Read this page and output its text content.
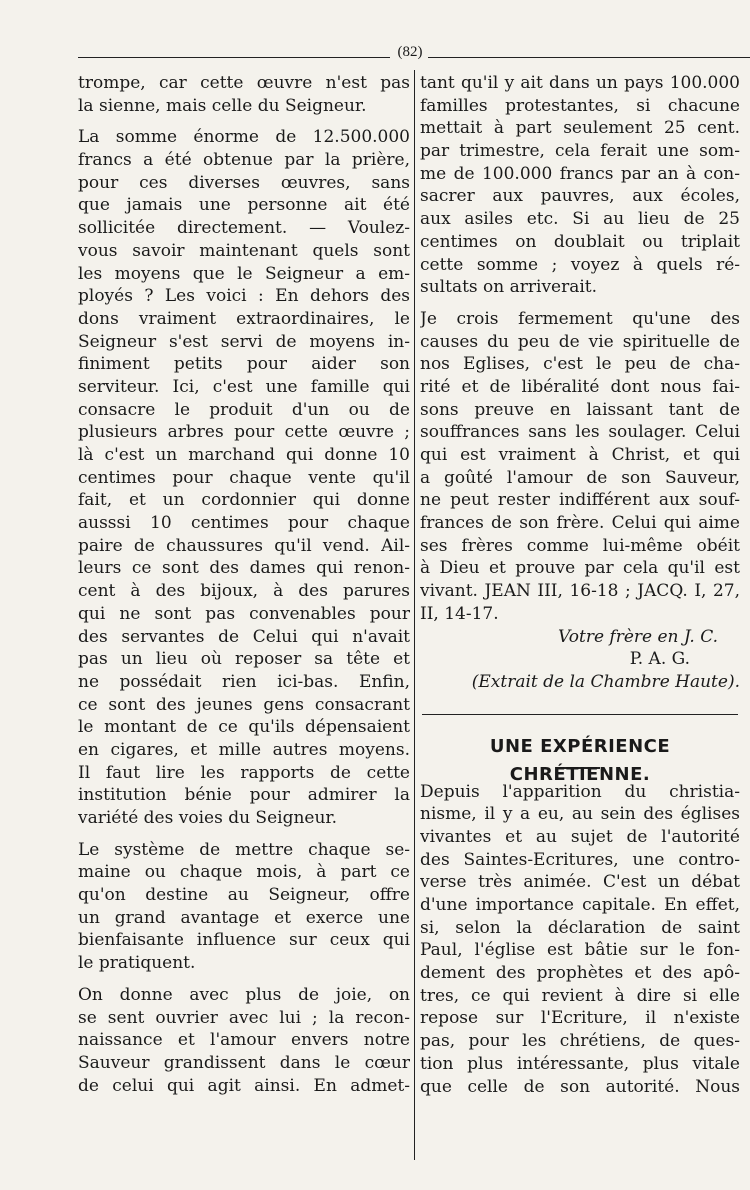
(82)
trompe, car cette œuvre n'est pas
la sienne, mais celle du Seigneur.
La somme énorme de 12.500.000
francs a été obtenue par la prière,
pour ces diverses œuvres, sans
que jamais une personne ait été
sollicitée directement. — Voulez-
vous savoir maintenant quels sont
les moyens que le Seigneur a em-
ployés ? Les voici : En dehors des
dons vraiment extraordinaires, le
Seigneur s'est servi de moyens in-
finiment petits pour aider son
serviteur. Ici, c'est une famille qui
consacre le produit d'un ou de
plusieurs arbres pour cette œuvre ;
là c'est un marchand qui donne 10
centimes pour chaque vente qu'il
fait, et un cordonnier qui donne
ausssi 10 centimes pour chaque
paire de chaussures qu'il vend. Ail-
leurs ce sont des dames qui renon-
cent à des bijoux, à des parures
qui ne sont pas convenables pour
des servantes de Celui qui n'avait
pas un lieu où reposer sa tête et
ne possédait rien ici-bas. Enfin,
ce sont des jeunes gens consacrant
le montant de ce qu'ils dépensaient
en cigares, et mille autres moyens.
Il faut lire les rapports de cette
institution bénie pour admirer la
variété des voies du Seigneur.
Le système de mettre chaque se-
maine ou chaque mois, à part ce
qu'on destine au Seigneur, offre
un grand avantage et exerce une
bienfaisante influence sur ceux qui
le pratiquent.
On donne avec plus de joie, on
se sent ouvrier avec lui ; la recon-
naissance et l'amour envers notre
Sauveur grandissent dans le cœur
de celui qui agit ainsi. En admet-
tant qu'il y ait dans un pays 100.000
familles protestantes, si chacune
mettait à part seulement 25 cent.
par trimestre, cela ferait une som-
me de 100.000 francs par an à con-
sacrer aux pauvres, aux écoles,
aux asiles etc. Si au lieu de 25
centimes on doublait ou triplait
cette somme ; voyez à quels ré-
sultats on arriverait.
Je crois fermement qu'une des
causes du peu de vie spirituelle de
nos Eglises, c'est le peu de cha-
rité et de libéralité dont nous fai-
sons preuve en laissant tant de
souffrances sans les soulager. Celui
qui est vraiment à Christ, et qui
a goûté l'amour de son Sauveur,
ne peut rester indifférent aux souf-
frances de son frère. Celui qui aime
ses frères comme lui-même obéit
à Dieu et prouve par cela qu'il est
vivant. JEAN III, 16-18 ; JACQ. I, 27,
II, 14-17.
Votre frère en J. C.
P. A. G.
(Extrait de la Chambre Haute).
UNE EXPÉRIENCE CHRÉTIENNE.
Depuis l'apparition du christia-
nisme, il y a eu, au sein des églises
vivantes et au sujet de l'autorité
des Saintes-Ecritures, une contro-
verse très animée. C'est un débat
d'une importance capitale. En effet,
si, selon la déclaration de saint
Paul, l'église est bâtie sur le fon-
dement des prophètes et des apô-
tres, ce qui revient à dire si elle
repose sur l'Ecriture, il n'existe
pas, pour les chrétiens, de ques-
tion plus intéressante, plus vitale
que celle de son autorité. Nous
